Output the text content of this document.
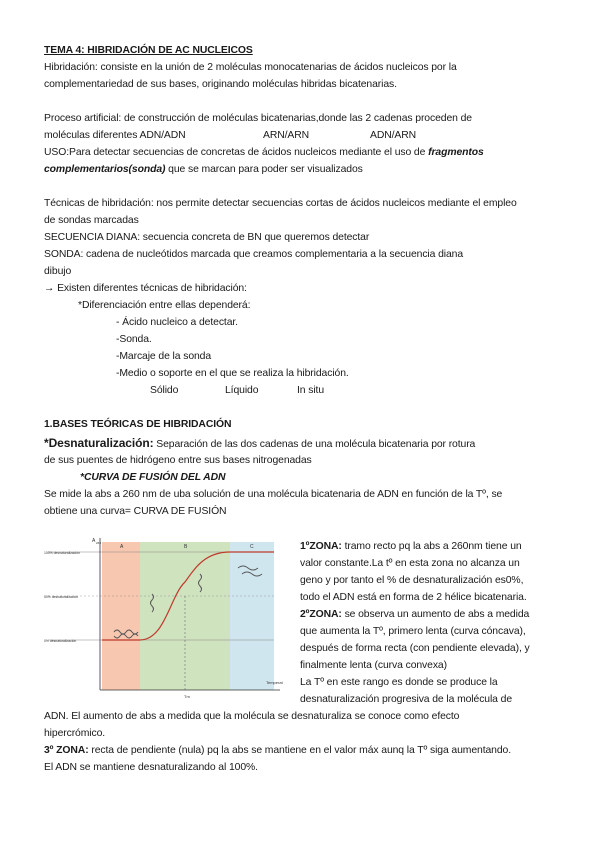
TEMA 4: HIBRIDACIÓN DE AC NUCLEICOS
Hibridación: consiste en la unión de 2 moléculas monocatenarias de ácidos nucleicos por la
complementariedad de sus bases, originando moléculas hibridas bicatenarias.
Proceso artificial: de construcción de moléculas bicatenarias,donde las 2 cadenas proceden de
moléculas diferentes ADN/ADN	ARN/ARN	ADN/ARN
USO:Para detectar secuencias de concretas de ácidos nucleicos mediante el uso de fragmentos
complementarios(sonda) que se marcan para poder ser visualizados
Técnicas de hibridación: nos permite detectar secuencias cortas de ácidos nucleicos mediante el empleo
de sondas marcadas
SECUENCIA DIANA: secuencia concreta de BN que queremos detectar
SONDA: cadena de nucleótidos marcada que creamos complementaria a la secuencia diana
dibujo
→ Existen diferentes técnicas de hibridación:
*Diferenciación entre ellas dependerá:
- Ácido nucleico a detectar.
-Sonda.
-Marcaje de la sonda
-Medio o soporte en el que se realiza la hibridación.
Sólido	Líquido	In situ
1.BASES TEÓRICAS DE HIBRIDACIÓN
*Desnaturalización: Separación de las dos cadenas de una molécula bicatenaria por rotura
de sus puentes de hidrógeno entre sus bases nitrogenadas
*CURVA DE FUSIÓN DEL ADN
Se mide la abs a 260 nm de uba solución de una molécula bicatenaria de ADN en función de la Tº, se
obtiene una curva= CURVA DE FUSIÓN
A 260
A	B	C
100% desnaturalización
50% desnaturalización
0% desnaturalización
Tm
Temperat
1ºZONA: tramo recto pq la abs a 260nm tiene un
valor constante.La tº en esta zona no alcanza un
geno y por tanto el % de desnaturalización es0%,
todo el ADN está en forma de 2 hélice bicatenaria.
2ºZONA: se observa un aumento de abs a medida
que aumenta la Tº, primero lenta (curva cóncava),
después de forma recta (con pendiente elevada), y
finalmente lenta (curva convexa)
La Tº en este rango es donde se produce la
desnaturalización progresiva de la molécula de
ADN. El aumento de abs a medida que la molécula se desnaturaliza se conoce como efecto
hipercrómico.
3º ZONA: recta de pendiente (nula) pq la abs se mantiene en el valor máx aunq la Tº siga aumentando.
El ADN se mantiene desnaturalizando al 100%.
